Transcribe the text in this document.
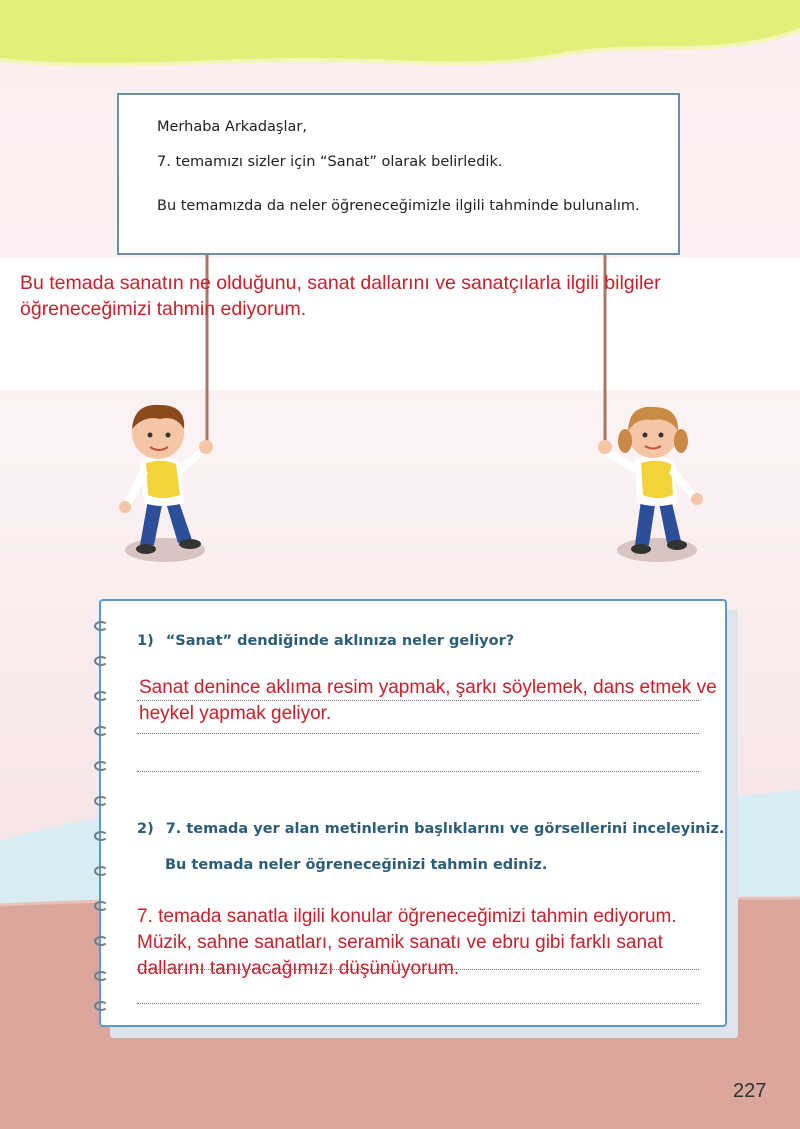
Merhaba Arkadaşlar,

7. temamızı sizler için “Sanat” olarak belirledik.

Bu temamızda da neler öğreneceğimizle ilgili tahminde bulunalım.

Bu temada sanatın ne olduğunu, sanat dallarını ve sanatçılarla ilgili bilgiler öğreneceğimizi tahmin ediyorum.
1) “Sanat” dendiğinde aklınıza neler geliyor?
Sanat denince aklıma resim yapmak, şarkı söylemek, dans etmek ve heykel yapmak geliyor.
2) 7. temada yer alan metinlerin başlıklarını ve görsellerini inceleyiniz.
Bu temada neler öğreneceğinizi tahmin ediniz.
7. temada sanatla ilgili konular öğreneceğimizi tahmin ediyorum. Müzik, sahne sanatları, seramik sanatı ve ebru gibi farklı sanat dallarını tanıyacağımızı düşünüyorum.
227
